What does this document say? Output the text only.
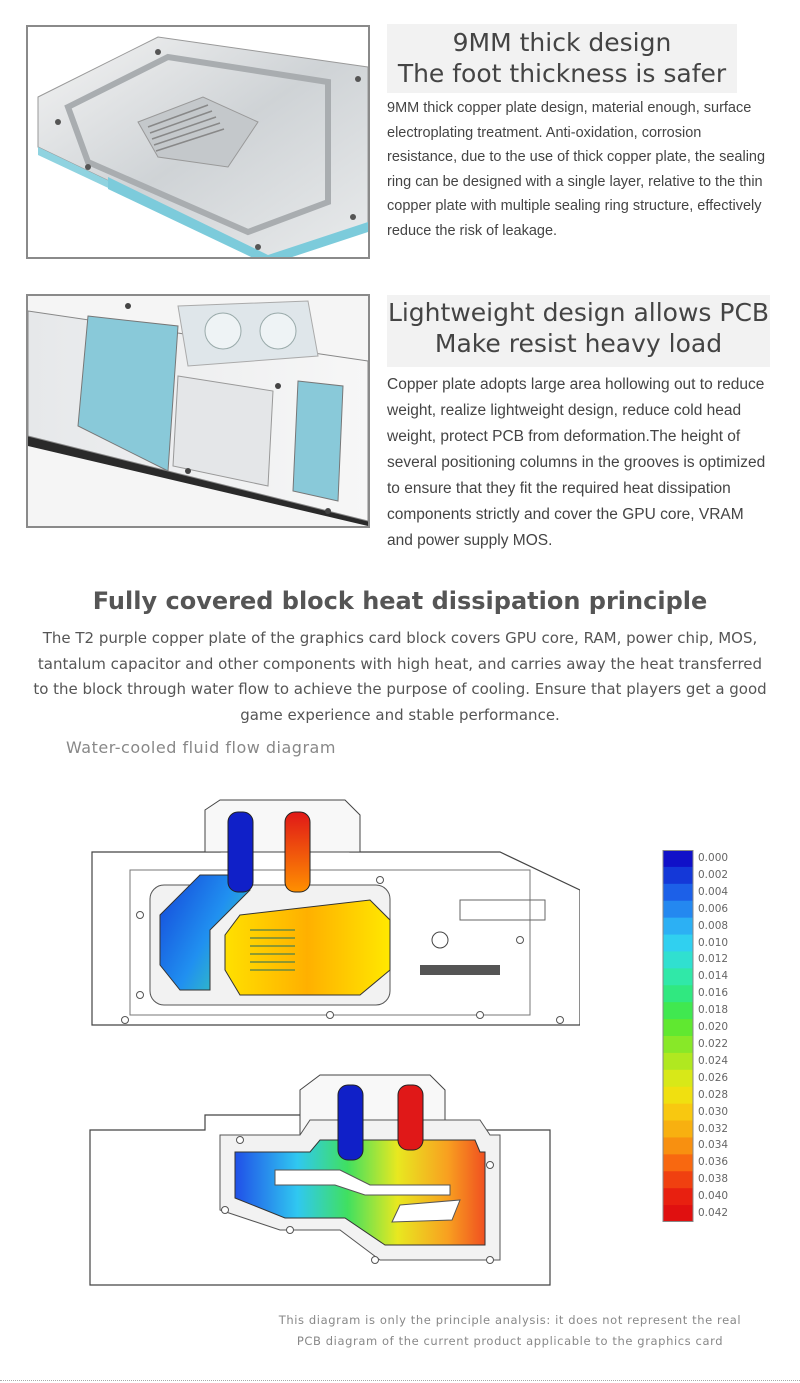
9MM thick design
The foot thickness is safer
9MM thick copper plate design, material enough, surface electroplating treatment. Anti-oxidation, corrosion resistance, due to the use of thick copper plate, the sealing ring can be designed with a single layer, relative to the thin copper plate with multiple sealing ring structure, effectively reduce the risk of leakage.
Lightweight design allows PCB
Make resist heavy load
Copper plate adopts large area hollowing out to reduce weight, realize lightweight design, reduce cold head weight, protect PCB from deformation.The height of several positioning columns in the grooves is optimized to ensure that they fit the required heat dissipation components strictly and cover the GPU core, VRAM and power supply MOS.
Fully covered block heat dissipation principle
The T2 purple copper plate of the graphics card block covers GPU core, RAM, power chip, MOS, tantalum capacitor and other components with high heat, and carries away the heat transferred to the block through water flow to achieve the purpose of cooling. Ensure that players get a good game experience and stable performance.
Water-cooled fluid flow diagram
0.000
0.002
0.004
0.006
0.008
0.010
0.012
0.014
0.016
0.018
0.020
0.022
0.024
0.026
0.028
0.030
0.032
0.034
0.036
0.038
0.040
0.042
This diagram is only the principle analysis: it does not represent the real
PCB diagram of the current product applicable to the graphics card
